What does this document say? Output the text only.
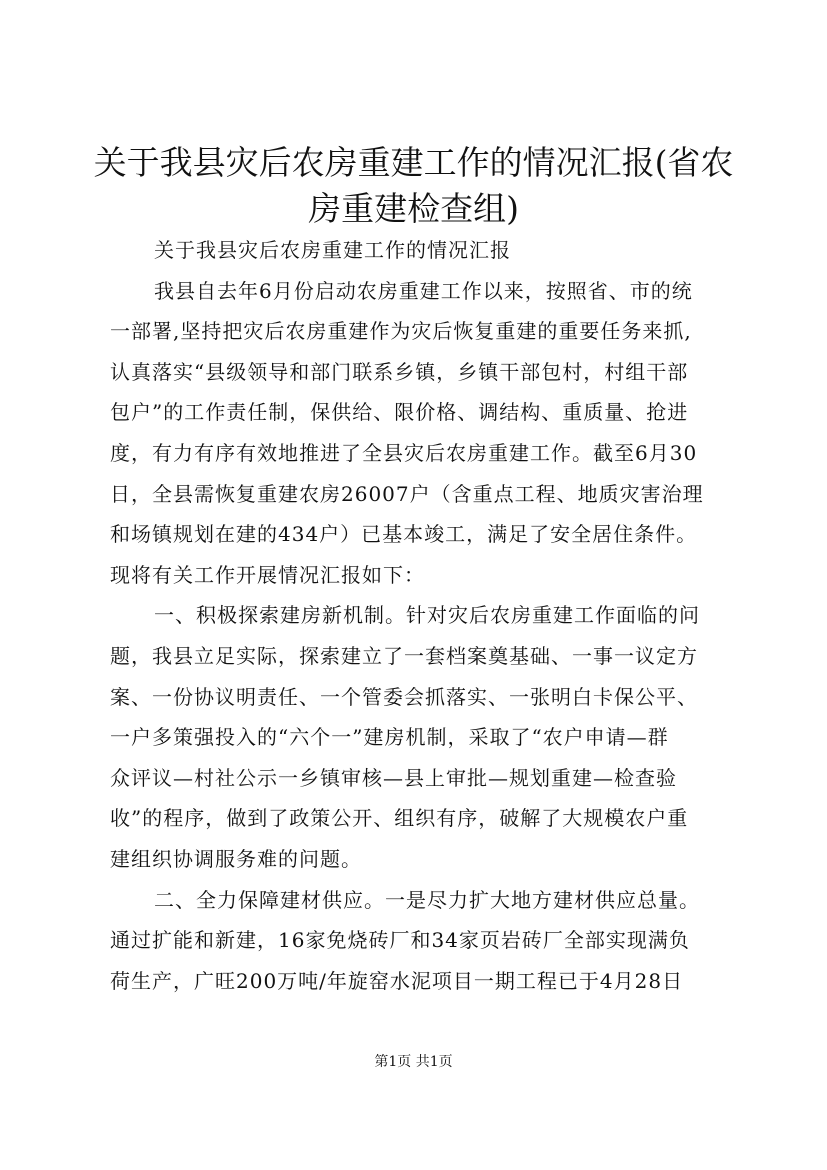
关于我县灾后农房重建工作的情况汇报(省农
房重建检查组)
关于我县灾后农房重建工作的情况汇报
我县自去年6月份启动农房重建工作以来，按照省、市的统
一部署,坚持把灾后农房重建作为灾后恢复重建的重要任务来抓,
认真落实“县级领导和部门联系乡镇，乡镇干部包村，村组干部
包户”的工作责任制，保供给、限价格、调结构、重质量、抢进
度，有力有序有效地推进了全县灾后农房重建工作。截至6月30
日，全县需恢复重建农房26007户（含重点工程、地质灾害治理
和场镇规划在建的434户）已基本竣工，满足了安全居住条件。
现将有关工作开展情况汇报如下：
一、积极探索建房新机制。针对灾后农房重建工作面临的问
题，我县立足实际，探索建立了一套档案奠基础、一事一议定方
案、一份协议明责任、一个管委会抓落实、一张明白卡保公平、
一户多策强投入的“六个一”建房机制，采取了“农户申请—群
众评议—村社公示一乡镇审核—县上审批—规划重建—检查验
收”的程序，做到了政策公开、组织有序，破解了大规模农户重
建组织协调服务难的问题。
二、全力保障建材供应。一是尽力扩大地方建材供应总量。
通过扩能和新建，16家免烧砖厂和34家页岩砖厂全部实现满负
荷生产，广旺200万吨/年旋窑水泥项目一期工程已于4月28日
第1页 共1页
